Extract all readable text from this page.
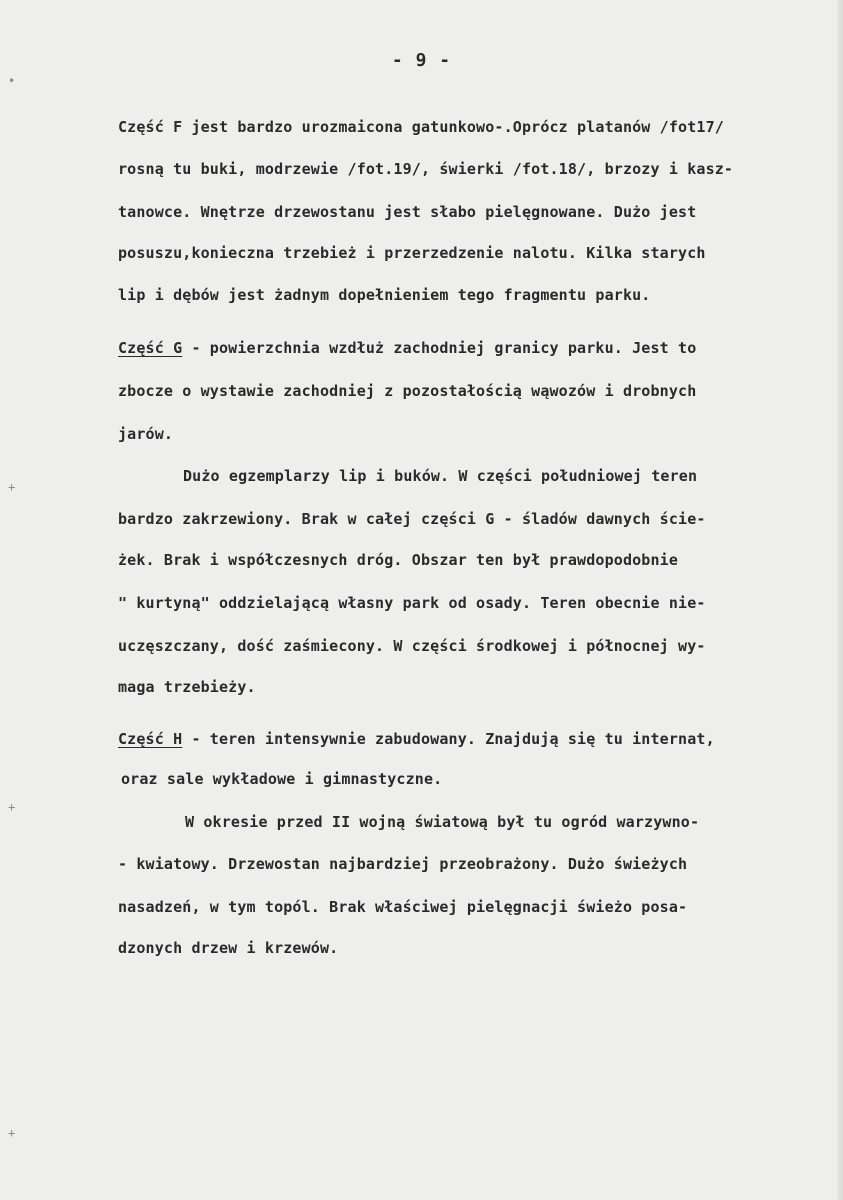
•
+
+
+
- 9 -
Część F jest bardzo urozmaicona gatunkowo-.Oprócz platanów /fot17/
rosną tu buki, modrzewie /fot.19/, świerki /fot.18/, brzozy i kasz-
tanowce. Wnętrze drzewostanu jest słabo pielęgnowane. Dużo jest
posuszu,konieczna trzebież i przerzedzenie nalotu. Kilka starych
lip i dębów jest żadnym dopełnieniem tego fragmentu parku.
Część G - powierzchnia wzdłuż zachodniej granicy parku. Jest to
zbocze o wystawie zachodniej z pozostałością wąwozów i drobnych
jarów.
Dużo egzemplarzy lip i buków. W części południowej teren
bardzo zakrzewiony. Brak w całej części G - śladów dawnych ście-
żek. Brak i współczesnych dróg. Obszar ten był prawdopodobnie
" kurtyną" oddzielającą własny park od osady. Teren obecnie nie-
uczęszczany, dość zaśmiecony. W części środkowej i północnej wy-
maga trzebieży.
Część H - teren intensywnie zabudowany. Znajdują się tu internat,
oraz sale wykładowe i gimnastyczne.
W okresie przed II wojną światową był tu ogród warzywno-
- kwiatowy. Drzewostan najbardziej przeobrażony. Dużo świeżych
nasadzeń, w tym topól. Brak właściwej pielęgnacji świeżo posa-
dzonych drzew i krzewów.
